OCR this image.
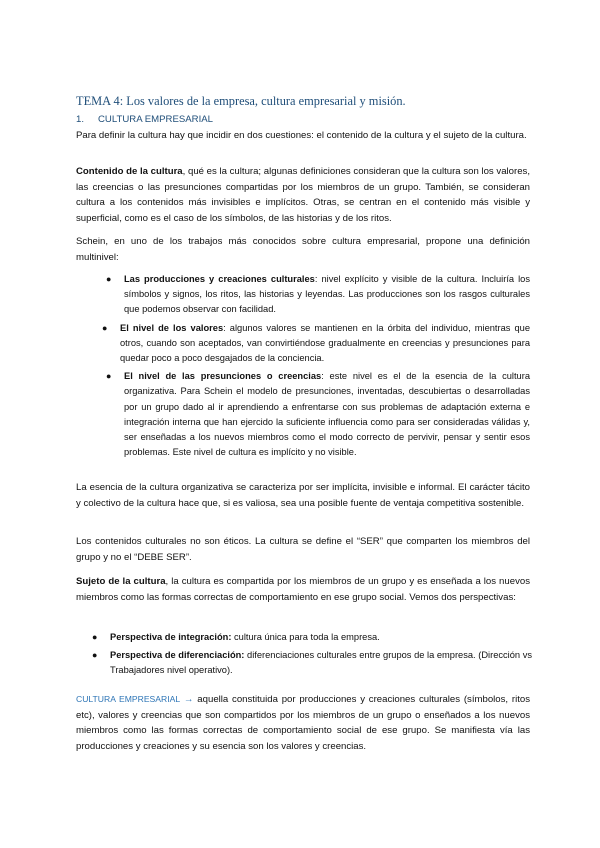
TEMA 4: Los valores de la empresa, cultura empresarial y misión.
1. CULTURA EMPRESARIAL
Para definir la cultura hay que incidir en dos cuestiones: el contenido de la cultura y el sujeto de la cultura.
Contenido de la cultura, qué es la cultura; algunas definiciones consideran que la cultura son los valores, las creencias o las presunciones compartidas por los miembros de un grupo. También, se consideran cultura a los contenidos más invisibles e implícitos. Otras, se centran en el contenido más visible y superficial, como es el caso de los símbolos, de las historias y de los ritos.
Schein, en uno de los trabajos más conocidos sobre cultura empresarial, propone una definición multinivel:
● Las producciones y creaciones culturales: nivel explícito y visible de la cultura. Incluiría los símbolos y signos, los ritos, las historias y leyendas. Las producciones son los rasgos culturales que podemos observar con facilidad.
● El nivel de los valores: algunos valores se mantienen en la órbita del individuo, mientras que otros, cuando son aceptados, van convirtiéndose gradualmente en creencias y presunciones para quedar poco a poco desgajados de la conciencia.
● El nivel de las presunciones o creencias: este nivel es el de la esencia de la cultura organizativa. Para Schein el modelo de presunciones, inventadas, descubiertas o desarrolladas por un grupo dado al ir aprendiendo a enfrentarse con sus problemas de adaptación externa e integración interna que han ejercido la suficiente influencia como para ser consideradas válidas y, ser enseñadas a los nuevos miembros como el modo correcto de pervivir, pensar y sentir esos problemas. Este nivel de cultura es implícito y no visible.
La esencia de la cultura organizativa se caracteriza por ser implícita, invisible e informal. El carácter tácito y colectivo de la cultura hace que, si es valiosa, sea una posible fuente de ventaja competitiva sostenible.
Los contenidos culturales no son éticos. La cultura se define el “SER” que comparten los miembros del grupo y no el “DEBE SER”.
Sujeto de la cultura, la cultura es compartida por los miembros de un grupo y es enseñada a los nuevos miembros como las formas correctas de comportamiento en ese grupo social. Vemos dos perspectivas:
● Perspectiva de integración: cultura única para toda la empresa.
● Perspectiva de diferenciación: diferenciaciones culturales entre grupos de la empresa. (Dirección vs Trabajadores nivel operativo).
CULTURA EMPRESARIAL → aquella constituida por producciones y creaciones culturales (símbolos, ritos etc), valores y creencias que son compartidos por los miembros de un grupo o enseñados a los nuevos miembros como las formas correctas de comportamiento social de ese grupo. Se manifiesta vía las producciones y creaciones y su esencia son los valores y creencias.
